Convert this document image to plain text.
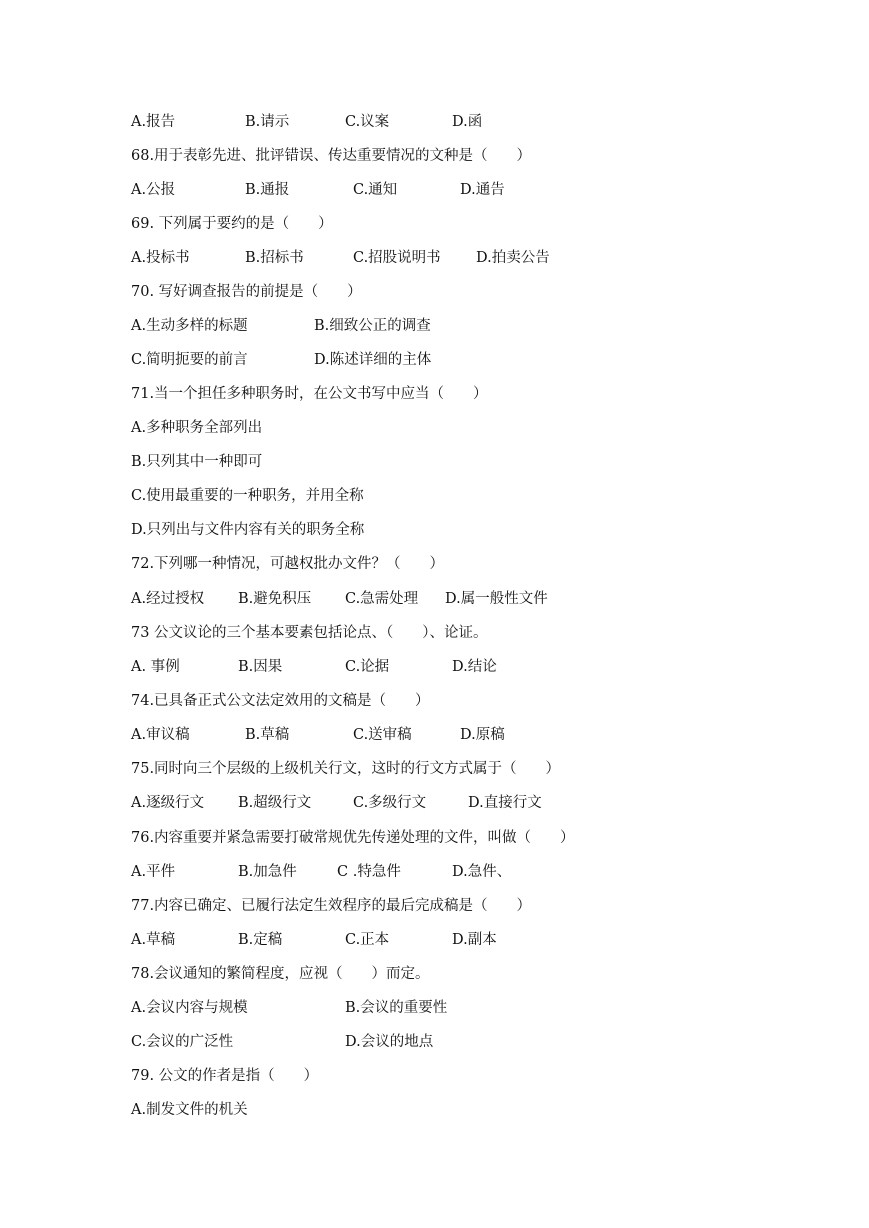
A.报告	B.请示	C.议案	D.函
68.用于表彰先进、批评错误、传达重要情况的文种是（　　）
A.公报	B.通报	C.通知	D.通告
69. 下列属于要约的是（　　）
A.投标书	B.招标书	C.招股说明书 D.拍卖公告
70. 写好调查报告的前提是（　　）
A.生动多样的标题	B.细致公正的调查
C.简明扼要的前言	D.陈述详细的主体
71.当一个担任多种职务时，在公文书写中应当（　　）
A.多种职务全部列出
B.只列其中一种即可
C.使用最重要的一种职务，并用全称
D.只列出与文件内容有关的职务全称
72.下列哪一种情况，可越权批办文件？（　　）
A.经过授权 B.避免积压 C.急需处理 D.属一般性文件
73 公文议论的三个基本要素包括论点、（　　）、论证。
A. 事例	B.因果	C.论据	D.结论
74.已具备正式公文法定效用的文稿是（　　）
A.审议稿	B.草稿	C.送审稿	D.原稿
75.同时向三个层级的上级机关行文，这时的行文方式属于（　　）
A.逐级行文 B.超级行文	C.多级行文	D.直接行文
76.内容重要并紧急需要打破常规优先传递处理的文件，叫做（　　）
A.平件	B.加急件	C .特急件	D.急件、
77.内容已确定、已履行法定生效程序的最后完成稿是（　　）
A.草稿	B.定稿	C.正本	D.副本
78.会议通知的繁简程度，应视（　　）而定。
A.会议内容与规模	B.会议的重要性
C.会议的广泛性	D.会议的地点
79. 公文的作者是指（　　）
A.制发文件的机关
